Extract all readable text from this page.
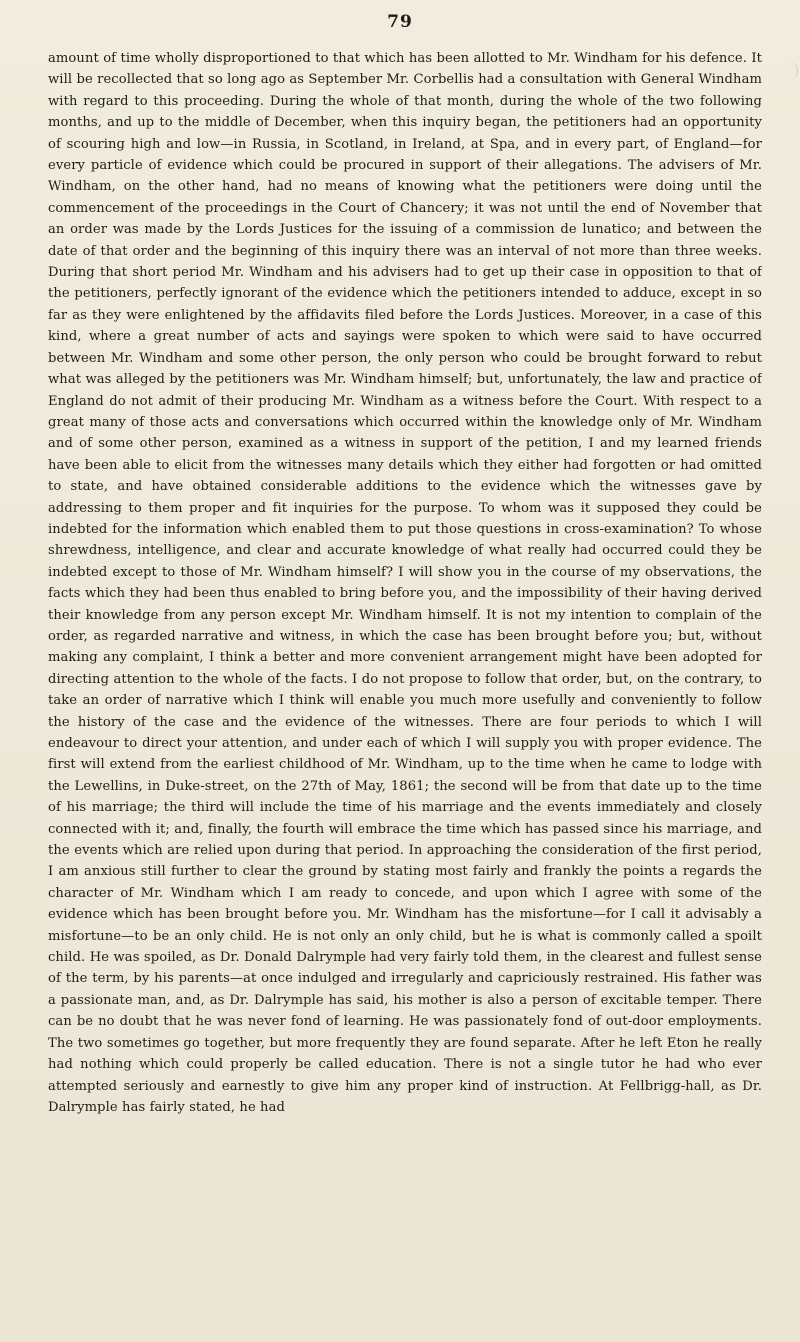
79

amount of time wholly disproportioned to that which has been allotted to Mr. Windham for his defence. It will be recollected that so long ago as September Mr. Corbellis had a consultation with General Windham with regard to this proceeding. During the whole of that month, during the whole of the two following months, and up to the middle of December, when this inquiry began, the petitioners had an opportunity of scouring high and low—in Russia, in Scotland, in Ireland, at Spa, and in every part, of England—for every particle of evidence which could be procured in support of their allegations. The advisers of Mr. Windham, on the other hand, had no means of knowing what the petitioners were doing until the commencement of the proceedings in the Court of Chancery; it was not until the end of November that an order was made by the Lords Justices for the issuing of a commission de lunatico; and between the date of that order and the beginning of this inquiry there was an interval of not more than three weeks. During that short period Mr. Windham and his advisers had to get up their case in opposition to that of the petitioners, perfectly ignorant of the evidence which the petitioners intended to adduce, except in so far as they were enlightened by the affidavits filed before the Lords Justices. Moreover, in a case of this kind, where a great number of acts and sayings were spoken to which were said to have occurred between Mr. Windham and some other person, the only person who could be brought forward to rebut what was alleged by the petitioners was Mr. Windham himself; but, unfortunately, the law and practice of England do not admit of their producing Mr. Windham as a witness before the Court. With respect to a great many of those acts and conversations which occurred within the knowledge only of Mr. Windham and of some other person, examined as a witness in support of the petition, I and my learned friends have been able to elicit from the witnesses many details which they either had forgotten or had omitted to state, and have obtained considerable additions to the evidence which the witnesses gave by addressing to them proper and fit inquiries for the purpose. To whom was it supposed they could be indebted for the information which enabled them to put those questions in cross-examination? To whose shrewdness, intelligence, and clear and accurate knowledge of what really had occurred could they be indebted except to those of Mr. Windham himself? I will show you in the course of my observations, the facts which they had been thus enabled to bring before you, and the impossibility of their having derived their knowledge from any person except Mr. Windham himself. It is not my intention to complain of the order, as regarded narrative and witness, in which the case has been brought before you; but, without making any complaint, I think a better and more convenient arrangement might have been adopted for directing attention to the whole of the facts. I do not propose to follow that order, but, on the contrary, to take an order of narrative which I think will enable you much more usefully and conveniently to follow the history of the case and the evidence of the witnesses. There are four periods to which I will endeavour to direct your attention, and under each of which I will supply you with proper evidence. The first will extend from the earliest childhood of Mr. Windham, up to the time when he came to lodge with the Lewellins, in Duke-street, on the 27th of May, 1861; the second will be from that date up to the time of his marriage; the third will include the time of his marriage and the events immediately and closely connected with it; and, finally, the fourth will embrace the time which has passed since his marriage, and the events which are relied upon during that period. In approaching the consideration of the first period, I am anxious still further to clear the ground by stating most fairly and frankly the points a regards the character of Mr. Windham which I am ready to concede, and upon which I agree with some of the evidence which has been brought before you. Mr. Windham has the misfortune—for I call it advisably a misfortune—to be an only child. He is not only an only child, but he is what is commonly called a spoilt child. He was spoiled, as Dr. Donald Dalrymple had very fairly told them, in the clearest and fullest sense of the term, by his parents—at once indulged and irregularly and capriciously restrained. His father was a passionate man, and, as Dr. Dalrymple has said, his mother is also a person of excitable temper. There can be no doubt that he was never fond of learning. He was passionately fond of out-door employments. The two sometimes go together, but more frequently they are found separate. After he left Eton he really had nothing which could properly be called education. There is not a single tutor he had who ever attempted seriously and earnestly to give him any proper kind of instruction. At Fellbrigg-hall, as Dr. Dalrymple has fairly stated, he had
